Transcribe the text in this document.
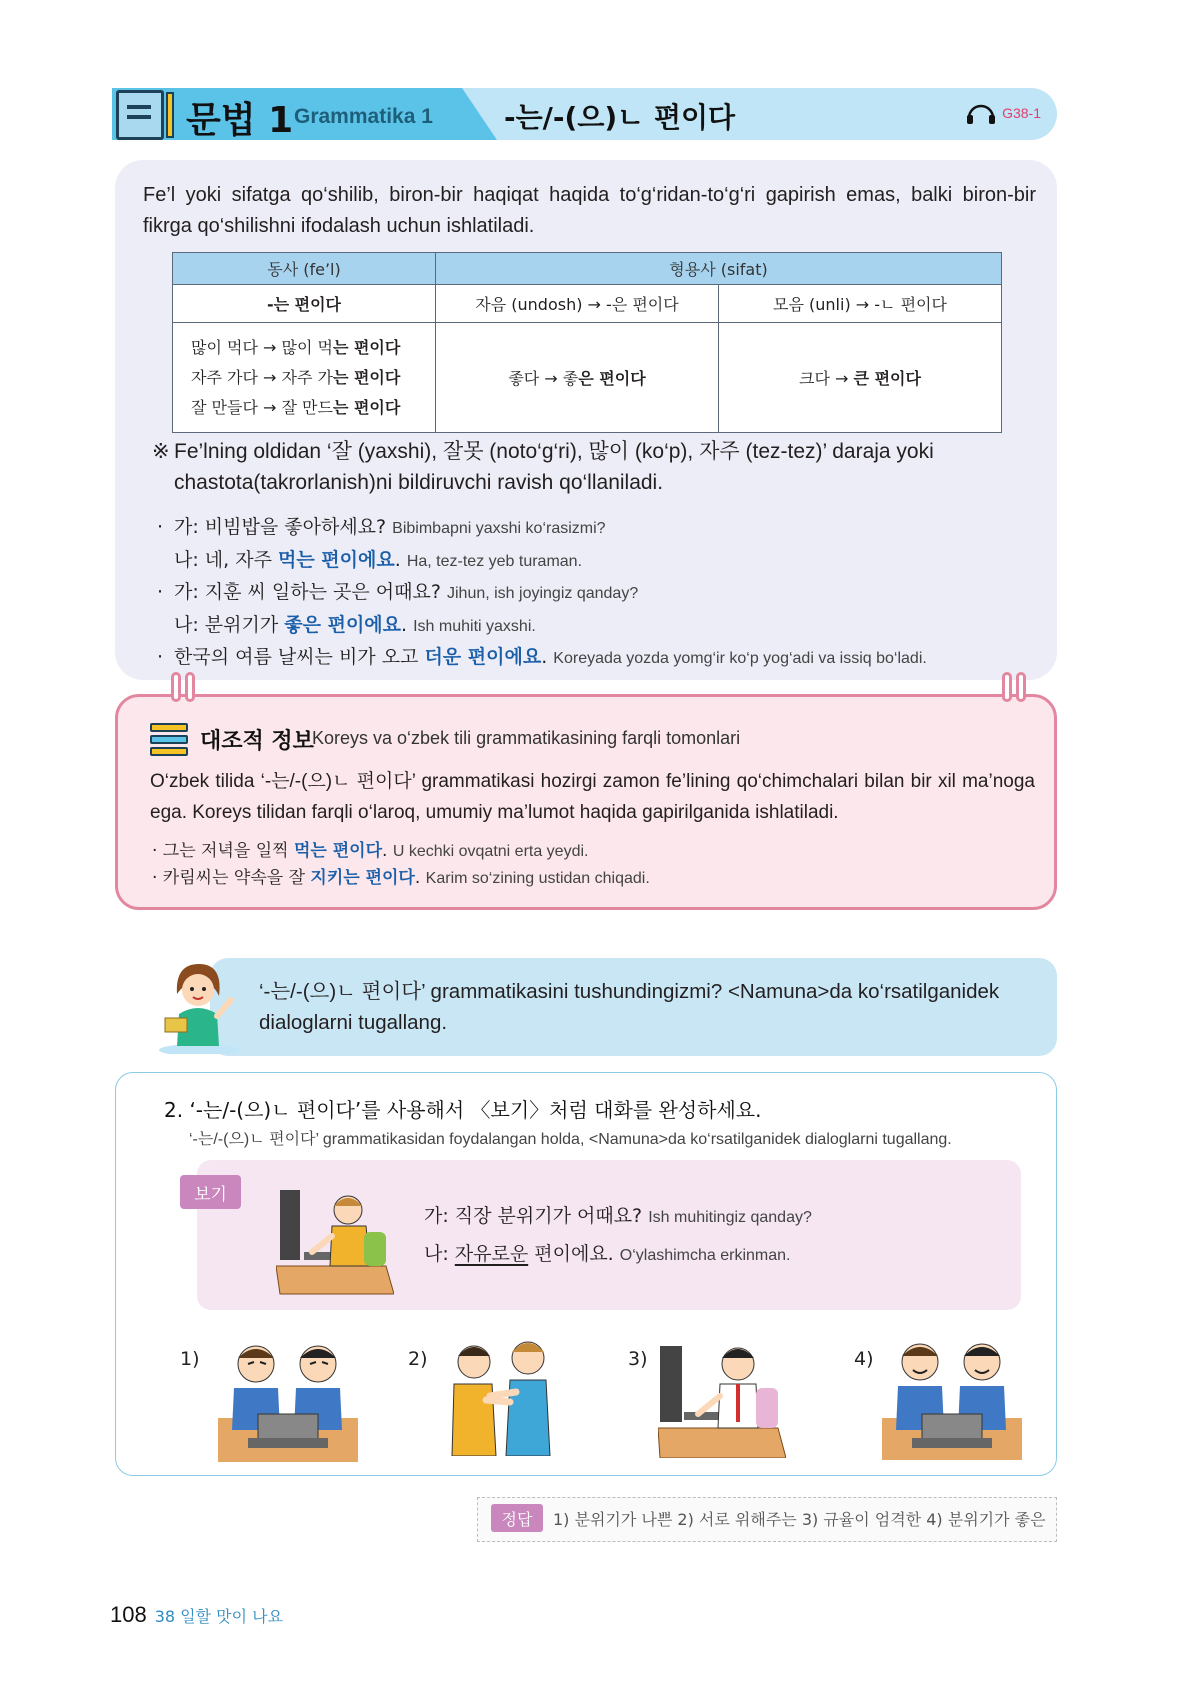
문법 1 Grammatika 1	-는/-(으)ㄴ 편이다	G38-1
Fe’l yoki sifatga qo‘shilib, biron-bir haqiqat haqida to‘g‘ridan-to‘g‘ri gapirish emas, balki biron-bir fikrga qo‘shilishni ifodalash uchun ishlatiladi.
동사 (fe’l)	형용사 (sifat)	
-는 편이다	자음 (undosh) → -은 편이다	모음 (unli) → -ㄴ 편이다

많이 먹다 → 많이 먹는 편이다
자주 가다 → 자주 가는 편이다
잘 만들다 → 잘 만드는 편이다	좋다 → 좋은 편이다	크다 → 큰 편이다
※ Fe’lning oldidan ‘잘 (yaxshi), 잘못 (noto‘g‘ri), 많이 (ko‘p), 자주 (tez-tez)’ daraja yoki chastota(takrorlanish)ni bildiruvchi ravish qo‘llaniladi.
· 가: 비빔밥을 좋아하세요? Bibimbapni yaxshi ko‘rasizmi?
나: 네, 자주 먹는 편이에요. Ha, tez-tez yeb turaman.
· 가: 지훈 씨 일하는 곳은 어때요? Jihun, ish joyingiz qanday?
나: 분위기가 좋은 편이에요. Ish muhiti yaxshi.
· 한국의 여름 날씨는 비가 오고 더운 편이에요. Koreyada yozda yomg‘ir ko‘p yog‘adi va issiq bo‘ladi.
대조적 정보
Koreys va o‘zbek tili grammatikasining farqli tomonlari
O‘zbek tilida ‘-는/-(으)ㄴ 편이다’ grammatikasi hozirgi zamon fe’lining qo‘chimchalari bilan bir xil ma’noga ega. Koreys tilidan farqli o‘laroq, umumiy ma’lumot haqida gapirilganida ishlatiladi.
· 그는 저녁을 일찍 먹는 편이다. U kechki ovqatni erta yeydi.
· 카림씨는 약속을 잘 지키는 편이다. Karim so‘zining ustidan chiqadi.
‘-는/-(으)ㄴ 편이다’ grammatikasini tushundingizmi? <Namuna>da ko‘rsatilganidek dialoglarni tugallang.
2. ‘-는/-(으)ㄴ 편이다’를 사용해서 〈보기〉처럼 대화를 완성하세요.
‘-는/-(으)ㄴ 편이다’ grammatikasidan foydalangan holda, <Namuna>da ko‘rsatilganidek dialoglarni tugallang.
보기
가: 직장 분위기가 어때요? Ish muhitingiz qanday?
나: 자유로운 편이에요. O‘ylashimcha erkinman.
1)	2)	3)	4)
정답	1) 분위기가 나쁜 2) 서로 위해주는 3) 규율이 엄격한 4) 분위기가 좋은
108 38 일할 맛이 나요
